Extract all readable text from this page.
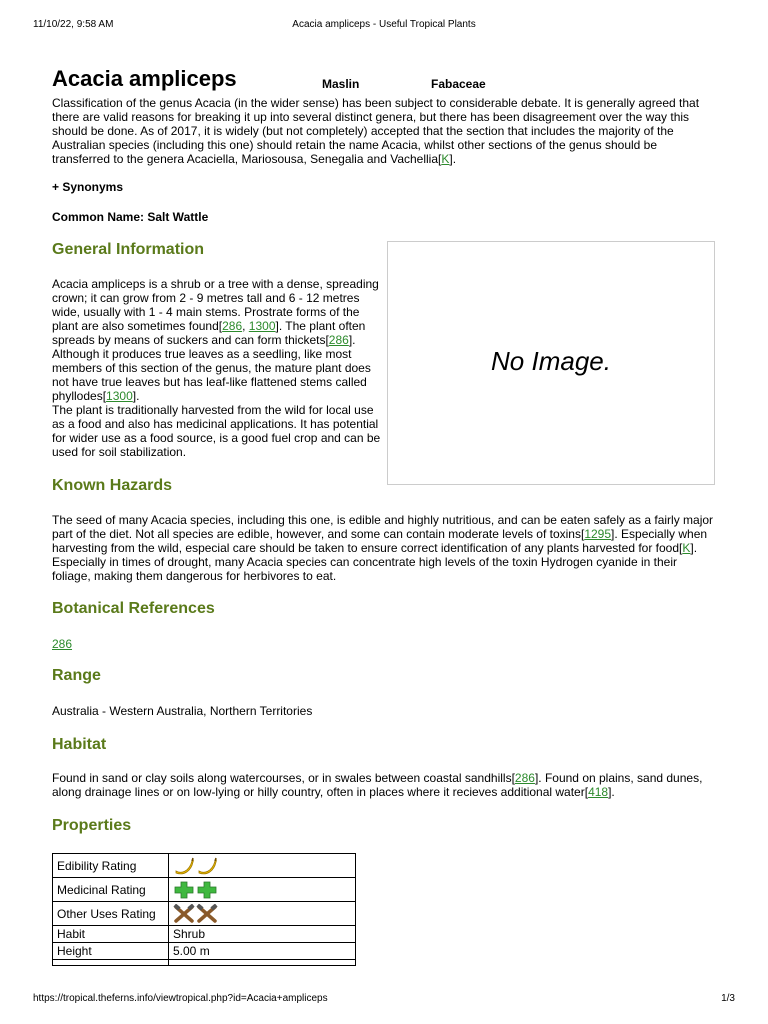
11/10/22, 9:58 AM	Acacia ampliceps - Useful Tropical Plants
Acacia ampliceps	Maslin	Fabaceae

Classification of the genus Acacia (in the wider sense) has been subject to considerable debate. It is generally agreed that there are valid reasons for breaking it up into several distinct genera, but there has been disagreement over the way this should be done. As of 2017, it is widely (but not completely) accepted that the section that includes the majority of the Australian species (including this one) should retain the name Acacia, whilst other sections of the genus should be transferred to the genera Acaciella, Mariosousa, Senegalia and Vachellia[K].

+ Synonyms
Common Name: Salt Wattle
General Information

Acacia ampliceps is a shrub or a tree with a dense, spreading crown; it can grow from 2 - 9 metres tall and 6 - 12 metres wide, usually with 1 - 4 main stems. Prostrate forms of the plant are also sometimes found[286, 1300]. The plant often spreads by means of suckers and can form thickets[286]. Although it produces true leaves as a seedling, like most members of this section of the genus, the mature plant does not have true leaves but has leaf-like flattened stems called phyllodes[1300].
The plant is traditionally harvested from the wild for local use as a food and also has medicinal applications. It has potential for wider use as a food source, is a good fuel crop and can be used for soil stabilization.

No Image.
Known Hazards

The seed of many Acacia species, including this one, is edible and highly nutritious, and can be eaten safely as a fairly major part of the diet. Not all species are edible, however, and some can contain moderate levels of toxins[1295]. Especially when harvesting from the wild, especial care should be taken to ensure correct identification of any plants harvested for food[K]. Especially in times of drought, many Acacia species can concentrate high levels of the toxin Hydrogen cyanide in their foliage, making them dangerous for herbivores to eat.

Botanical References

286

Range

Australia - Western Australia, Northern Territories

Habitat

Found in sand or clay soils along watercourses, or in swales between coastal sandhills[286]. Found on plains, sand dunes, along drainage lines or on low-lying or hilly country, often in places where it recieves additional water[418].

Properties
Edibility Rating	

Medicinal Rating	

Other Uses Rating	

Habit	Shrub
Height	5.00 m

https://tropical.theferns.info/viewtropical.php?id=Acacia+ampliceps	1/3
